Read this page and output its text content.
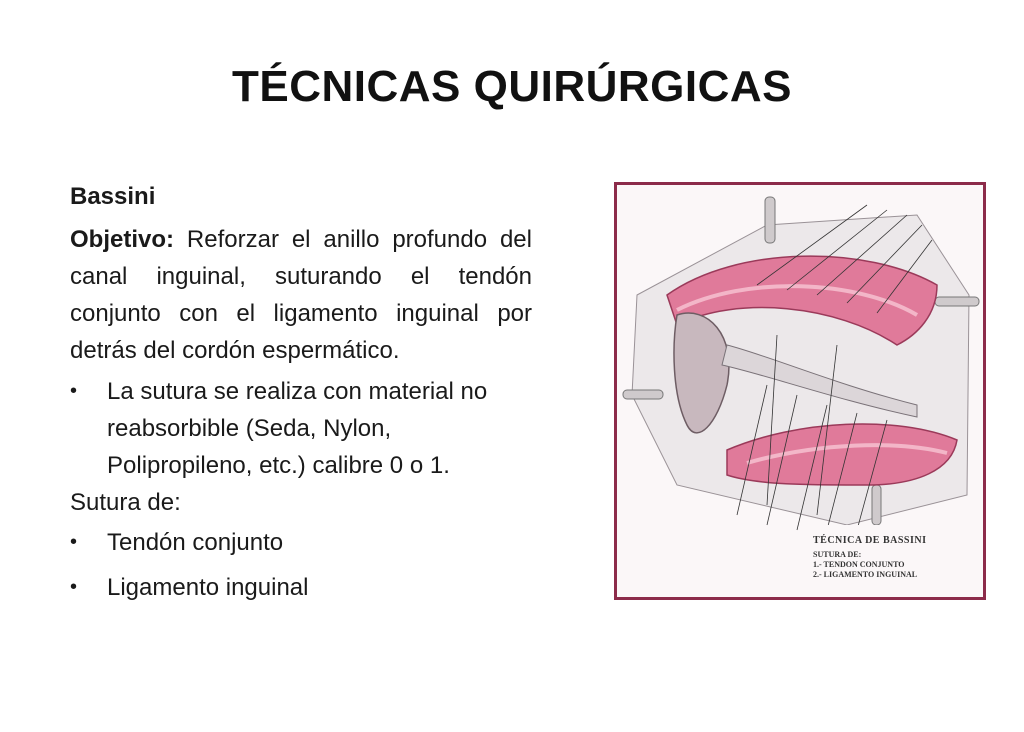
TÉCNICAS QUIRÚRGICAS

Bassini

Objetivo: Reforzar el anillo profundo del canal inguinal, suturando el tendón conjunto con el ligamento inguinal por detrás del cordón espermático.

•	La sutura se realiza con material no reabsorbible (Seda, Nylon, Polipropileno, etc.) calibre 0 o 1.

Sutura de:

•	Tendón conjunto
•	Ligamento inguinal
TÉCNICA DE BASSINI
SUTURA DE:
1.- TENDON CONJUNTO
2.- LIGAMENTO INGUINAL
